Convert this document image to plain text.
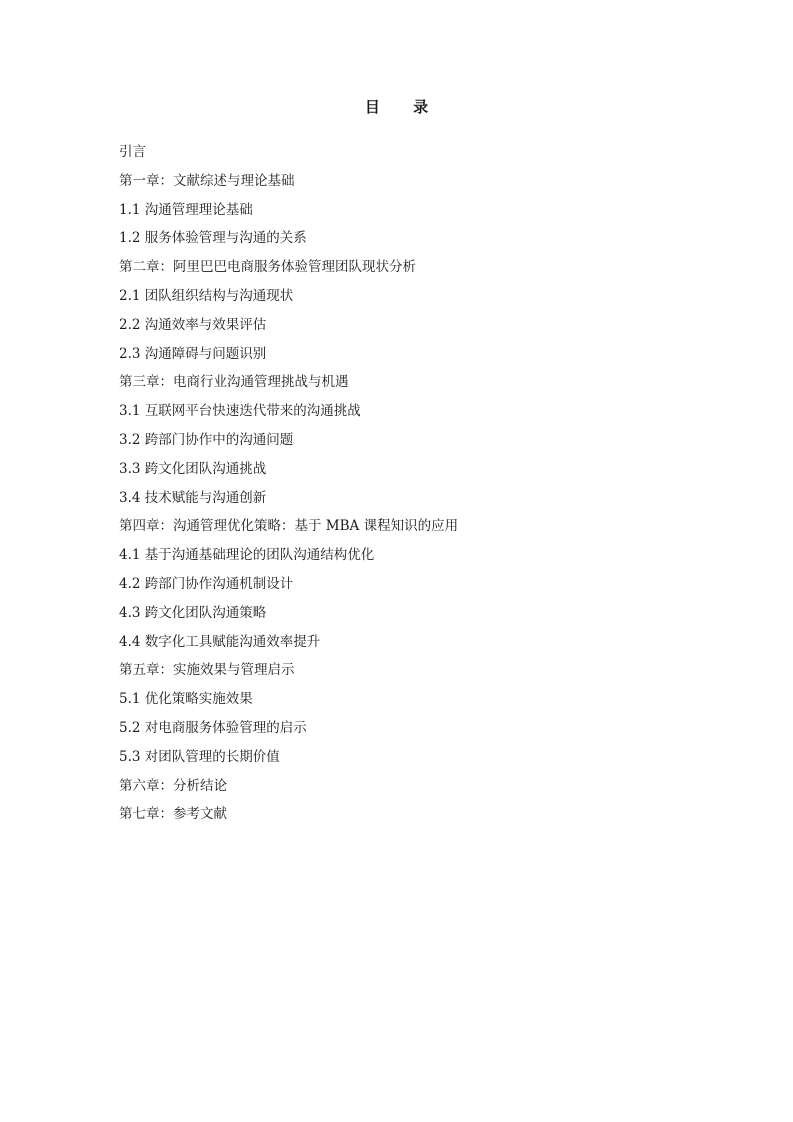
目 录
引言
第一章：文献综述与理论基础
1.1 沟通管理理论基础
1.2 服务体验管理与沟通的关系
第二章：阿里巴巴电商服务体验管理团队现状分析
2.1 团队组织结构与沟通现状
2.2 沟通效率与效果评估
2.3 沟通障碍与问题识别
第三章：电商行业沟通管理挑战与机遇
3.1 互联网平台快速迭代带来的沟通挑战
3.2 跨部门协作中的沟通问题
3.3 跨文化团队沟通挑战
3.4 技术赋能与沟通创新
第四章：沟通管理优化策略：基于 MBA 课程知识的应用
4.1 基于沟通基础理论的团队沟通结构优化
4.2 跨部门协作沟通机制设计
4.3 跨文化团队沟通策略
4.4 数字化工具赋能沟通效率提升
第五章：实施效果与管理启示
5.1 优化策略实施效果
5.2 对电商服务体验管理的启示
5.3 对团队管理的长期价值
第六章：分析结论
第七章：参考文献
